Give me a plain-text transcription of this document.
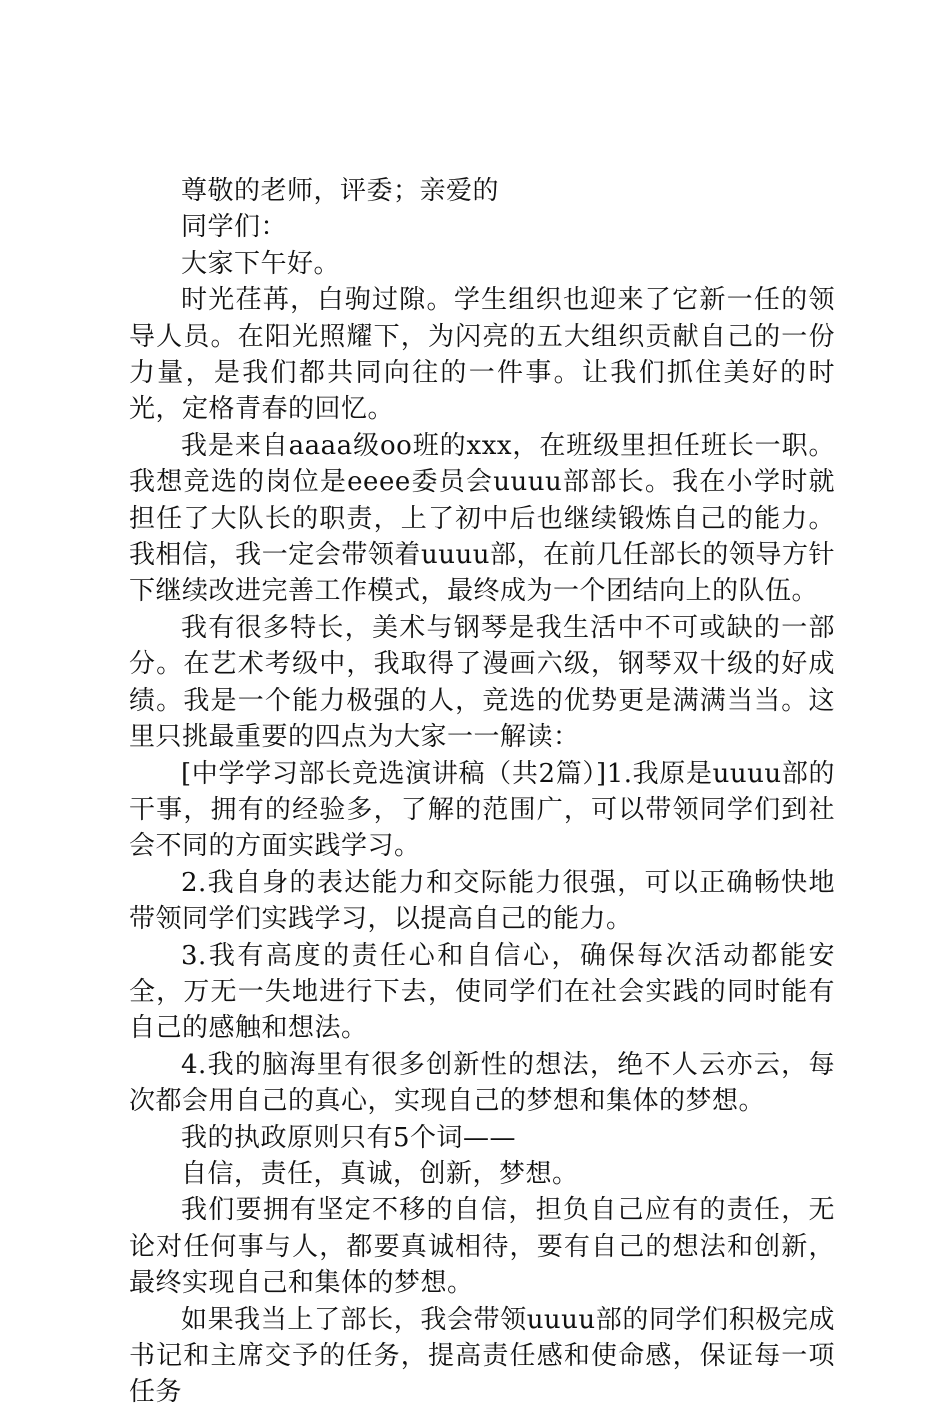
尊敬的老师，评委；亲爱的

同学们：

大家下午好。

时光荏苒，白驹过隙。学生组织也迎来了它新一任的领导人员。在阳光照耀下，为闪亮的五大组织贡献自己的一份力量，是我们都共同向往的一件事。让我们抓住美好的时光，定格青春的回忆。

我是来自aaaa级oo班的xxx，在班级里担任班长一职。我想竞选的岗位是eeee委员会uuuu部部长。我在小学时就担任了大队长的职责，上了初中后也继续锻炼自己的能力。我相信，我一定会带领着uuuu部，在前几任部长的领导方针下继续改进完善工作模式，最终成为一个团结向上的队伍。

我有很多特长，美术与钢琴是我生活中不可或缺的一部分。在艺术考级中，我取得了漫画六级，钢琴双十级的好成绩。我是一个能力极强的人，竞选的优势更是满满当当。这里只挑最重要的四点为大家一一解读：

[中学学习部长竞选演讲稿（共2篇）]1.我原是uuuu部的干事，拥有的经验多，了解的范围广，可以带领同学们到社会不同的方面实践学习。

2.我自身的表达能力和交际能力很强，可以正确畅快地带领同学们实践学习，以提高自己的能力。

3.我有高度的责任心和自信心，确保每次活动都能安全，万无一失地进行下去，使同学们在社会实践的同时能有自己的感触和想法。

4.我的脑海里有很多创新性的想法，绝不人云亦云，每次都会用自己的真心，实现自己的梦想和集体的梦想。

我的执政原则只有5个词——

自信，责任，真诚，创新，梦想。

我们要拥有坚定不移的自信，担负自己应有的责任，无论对任何事与人，都要真诚相待，要有自己的想法和创新，最终实现自己和集体的梦想。

如果我当上了部长，我会带领uuuu部的同学们积极完成书记和主席交予的任务，提高责任感和使命感，保证每一项任务
